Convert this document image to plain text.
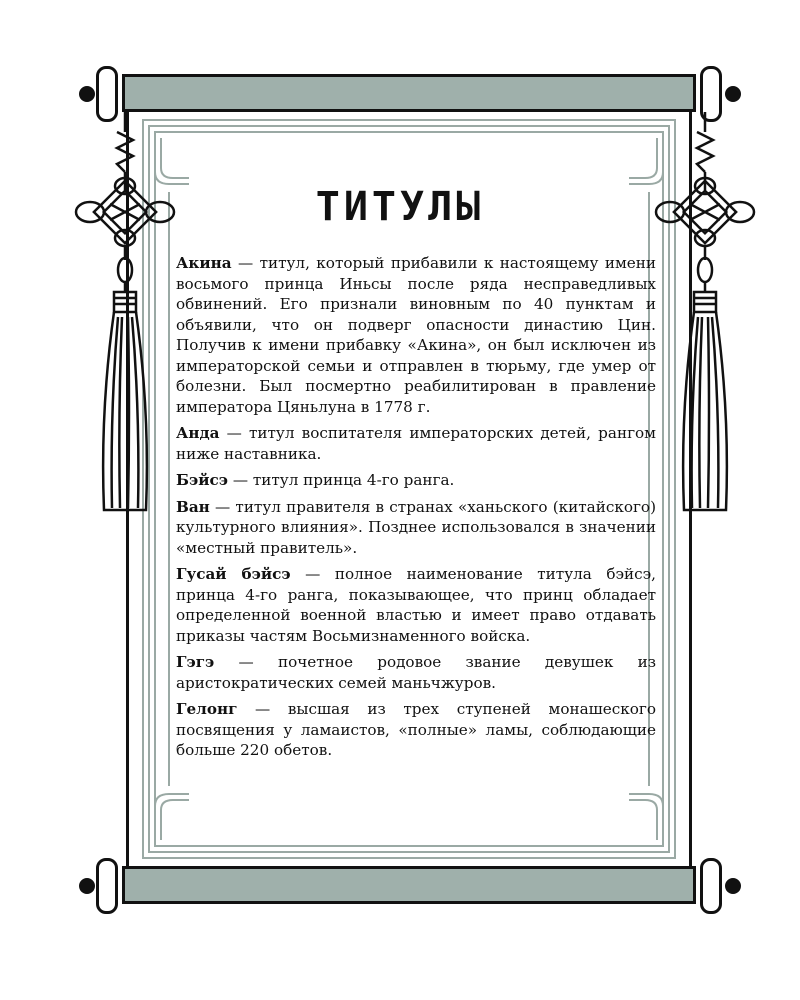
ТИТУЛЫ

Акина — титул, который прибавили к настоящему имени восьмого принца Иньсы после ряда несправедливых обвинений. Его признали виновным по 40 пунктам и объявили, что он подверг опасности династию Цин. Получив к имени прибавку «Акина», он был исключен из императорской семьи и отправлен в тюрьму, где умер от болезни. Был посмертно реабилитирован в правление императора Цяньлуна в 1778 г.

Анда — титул воспитателя императорских детей, рангом ниже наставника.

Бэйсэ — титул принца 4-го ранга.

Ван — титул правителя в странах «ханьского (китайского) культурного влияния». Позднее использовался в значении «местный правитель».

Гусай бэйсэ — полное наименование титула бэйсэ, принца 4-го ранга, показывающее, что принц обладает определенной военной властью и имеет право отдавать приказы частям Восьмизнаменного войска.

Гэгэ — почетное родовое звание девушек из аристократических семей маньчжуров.

Гелонг — высшая из трех ступеней монашеского посвящения у ламаистов, «полные» ламы, соблюдающие больше 220 обетов.
